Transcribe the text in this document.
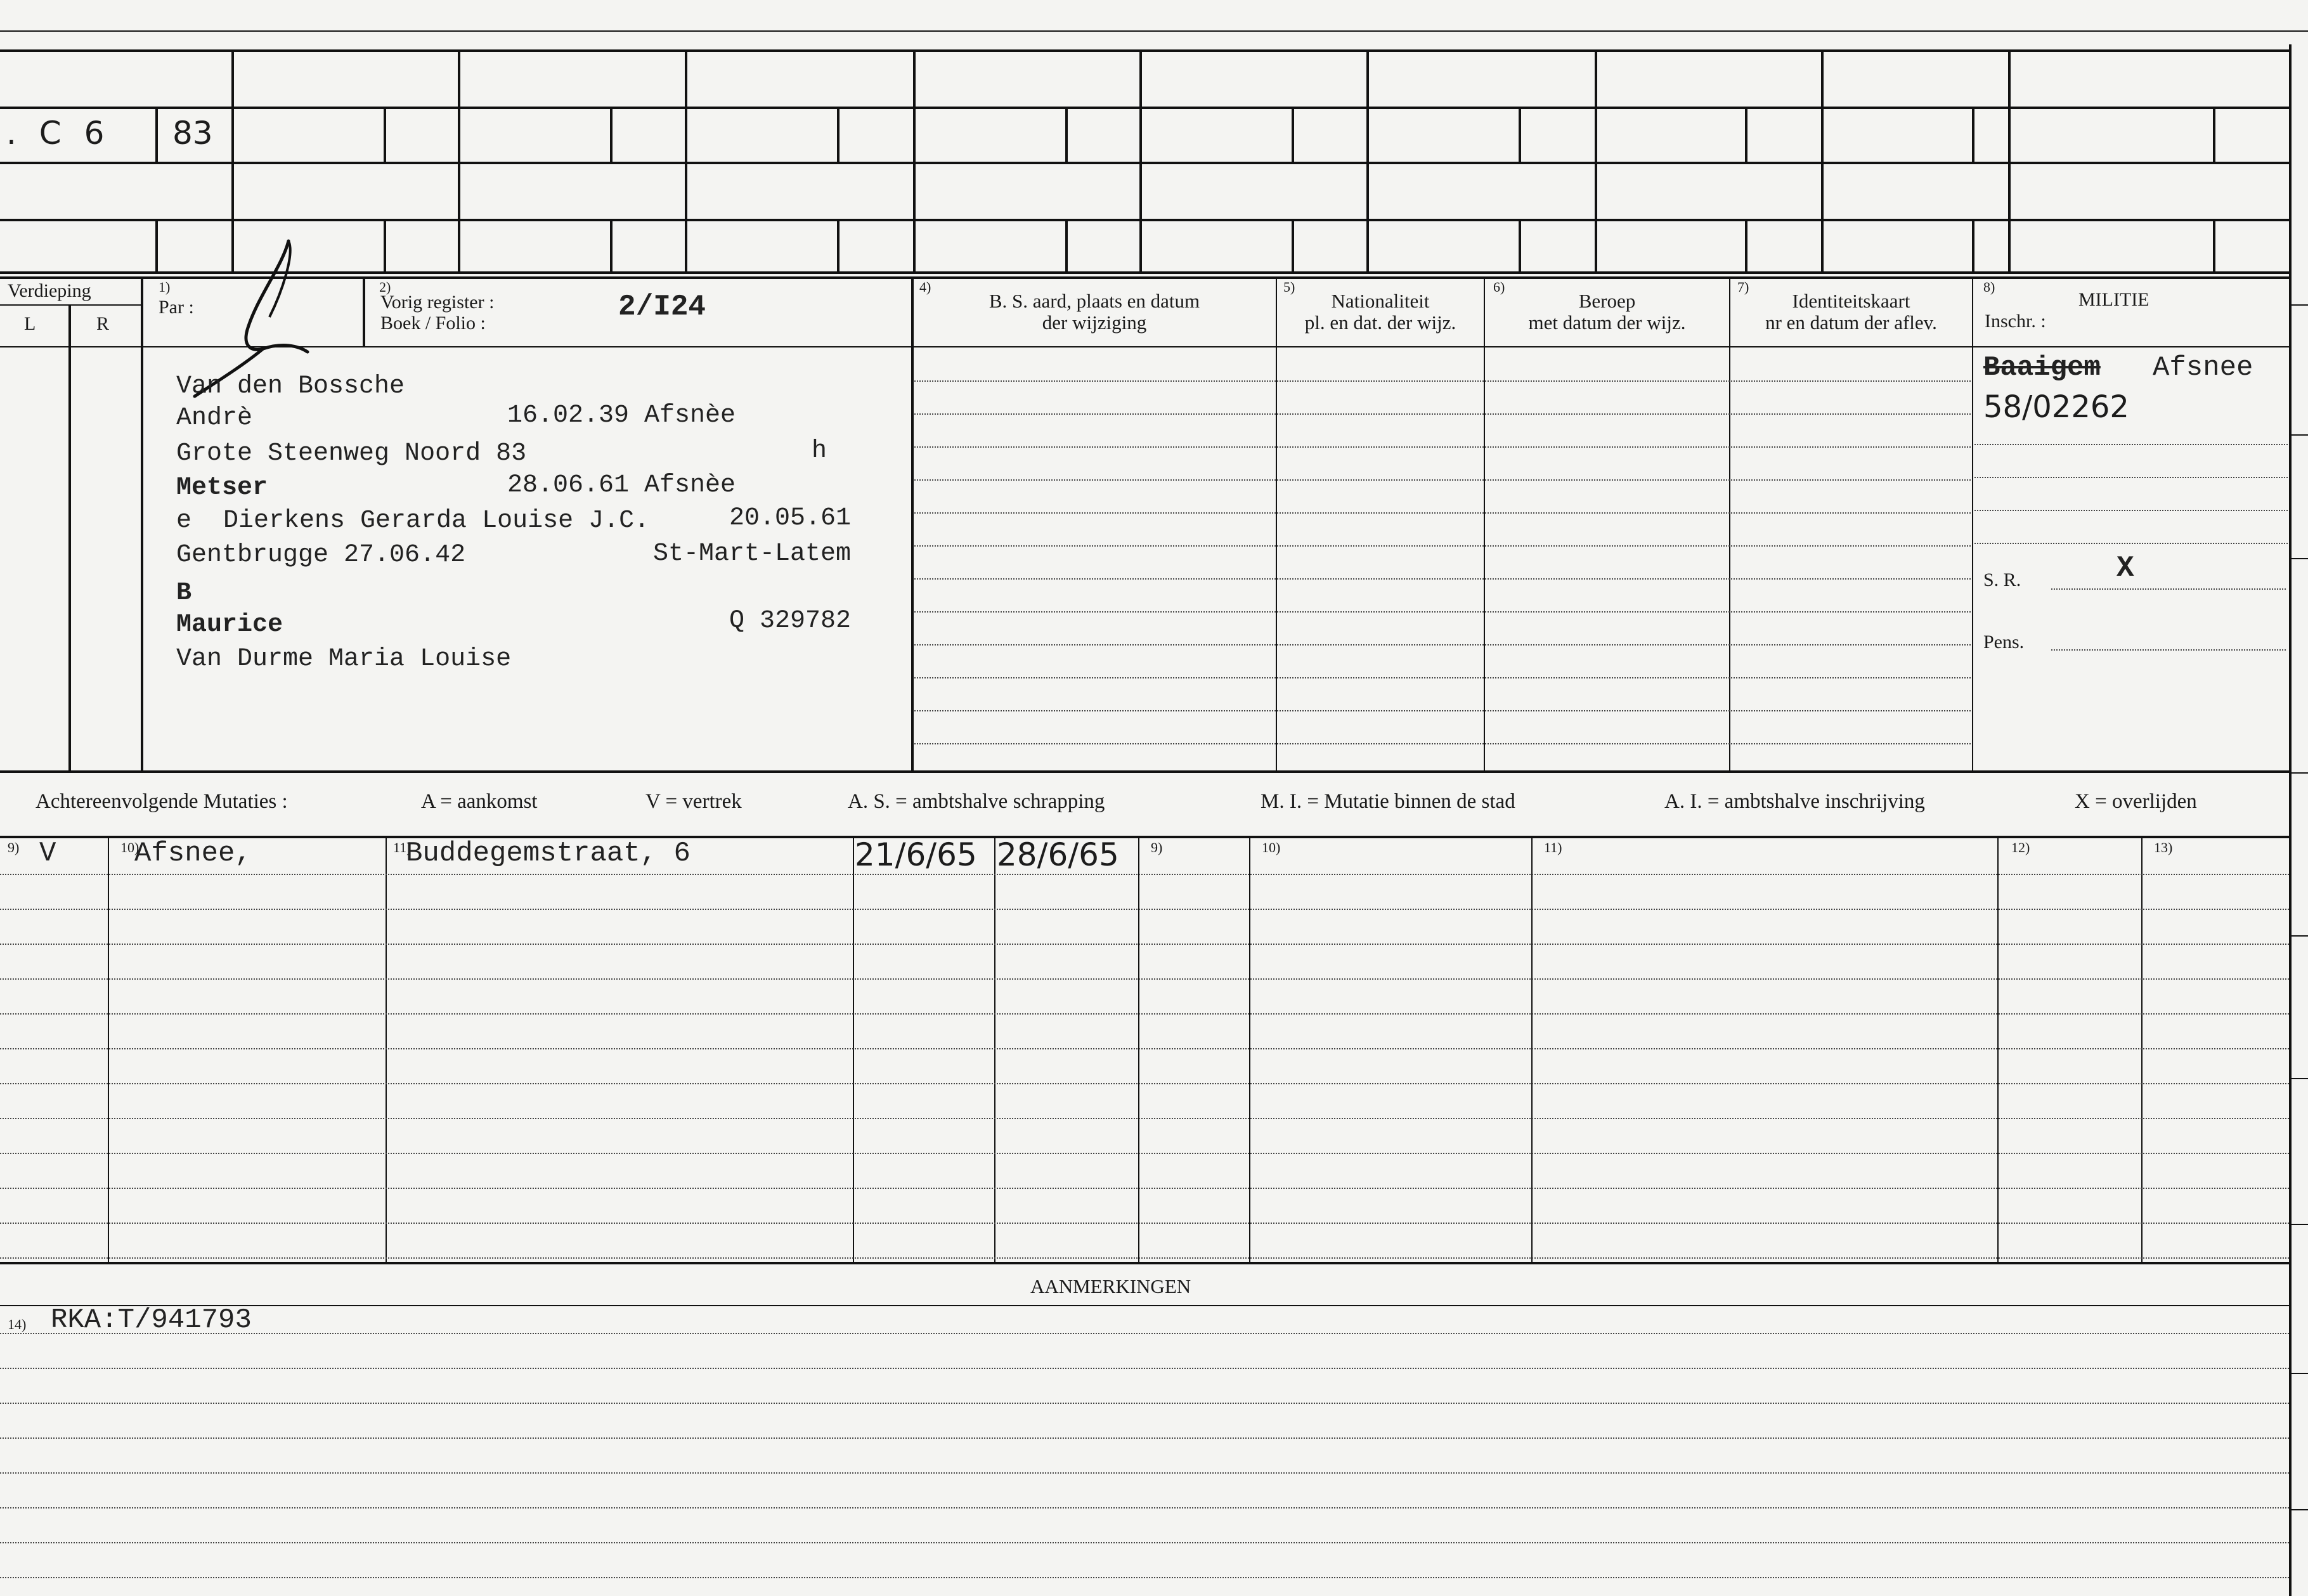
. C 6 83
Verdieping
L	R
1)
Par :
2)
Vorig register :
Boek / Folio :	2/I24
4)
B. S. aard, plaats en datum
der wijziging
5)
Nationaliteit
pl. en dat. der wijz.
6)
Beroep
met datum der wijz.
7)
Identiteitskaart
nr en datum der aflev.
8)
MILITIE
Inschr. :
Van den Bossche
Andrè	16.02.39 Afsnèe
Grote Steenweg Noord 83	h
Metser	28.06.61 Afsnèe
e Dierkens Gerarda Louise J.C.	20.05.61
Gentbrugge 27.06.42	St-Mart-Latem
B
Maurice	Q 329782
Van Durme Maria Louise
Baaigem Afsnee
58/02262
S. R.	X
Pens.
Achtereenvolgende Mutaties :	A = aankomst	V = vertrek	A. S. = ambtshalve schrapping	M. I. = Mutatie binnen de stad	A. I. = ambtshalve inschrijving	X = overlijden
9)	10)	11)	9)	10)	11)	12)	13)
V	Afsnee,	Buddegemstraat, 6	21/6/65 28/6/65
AANMERKINGEN
14) RKA:T/941793
